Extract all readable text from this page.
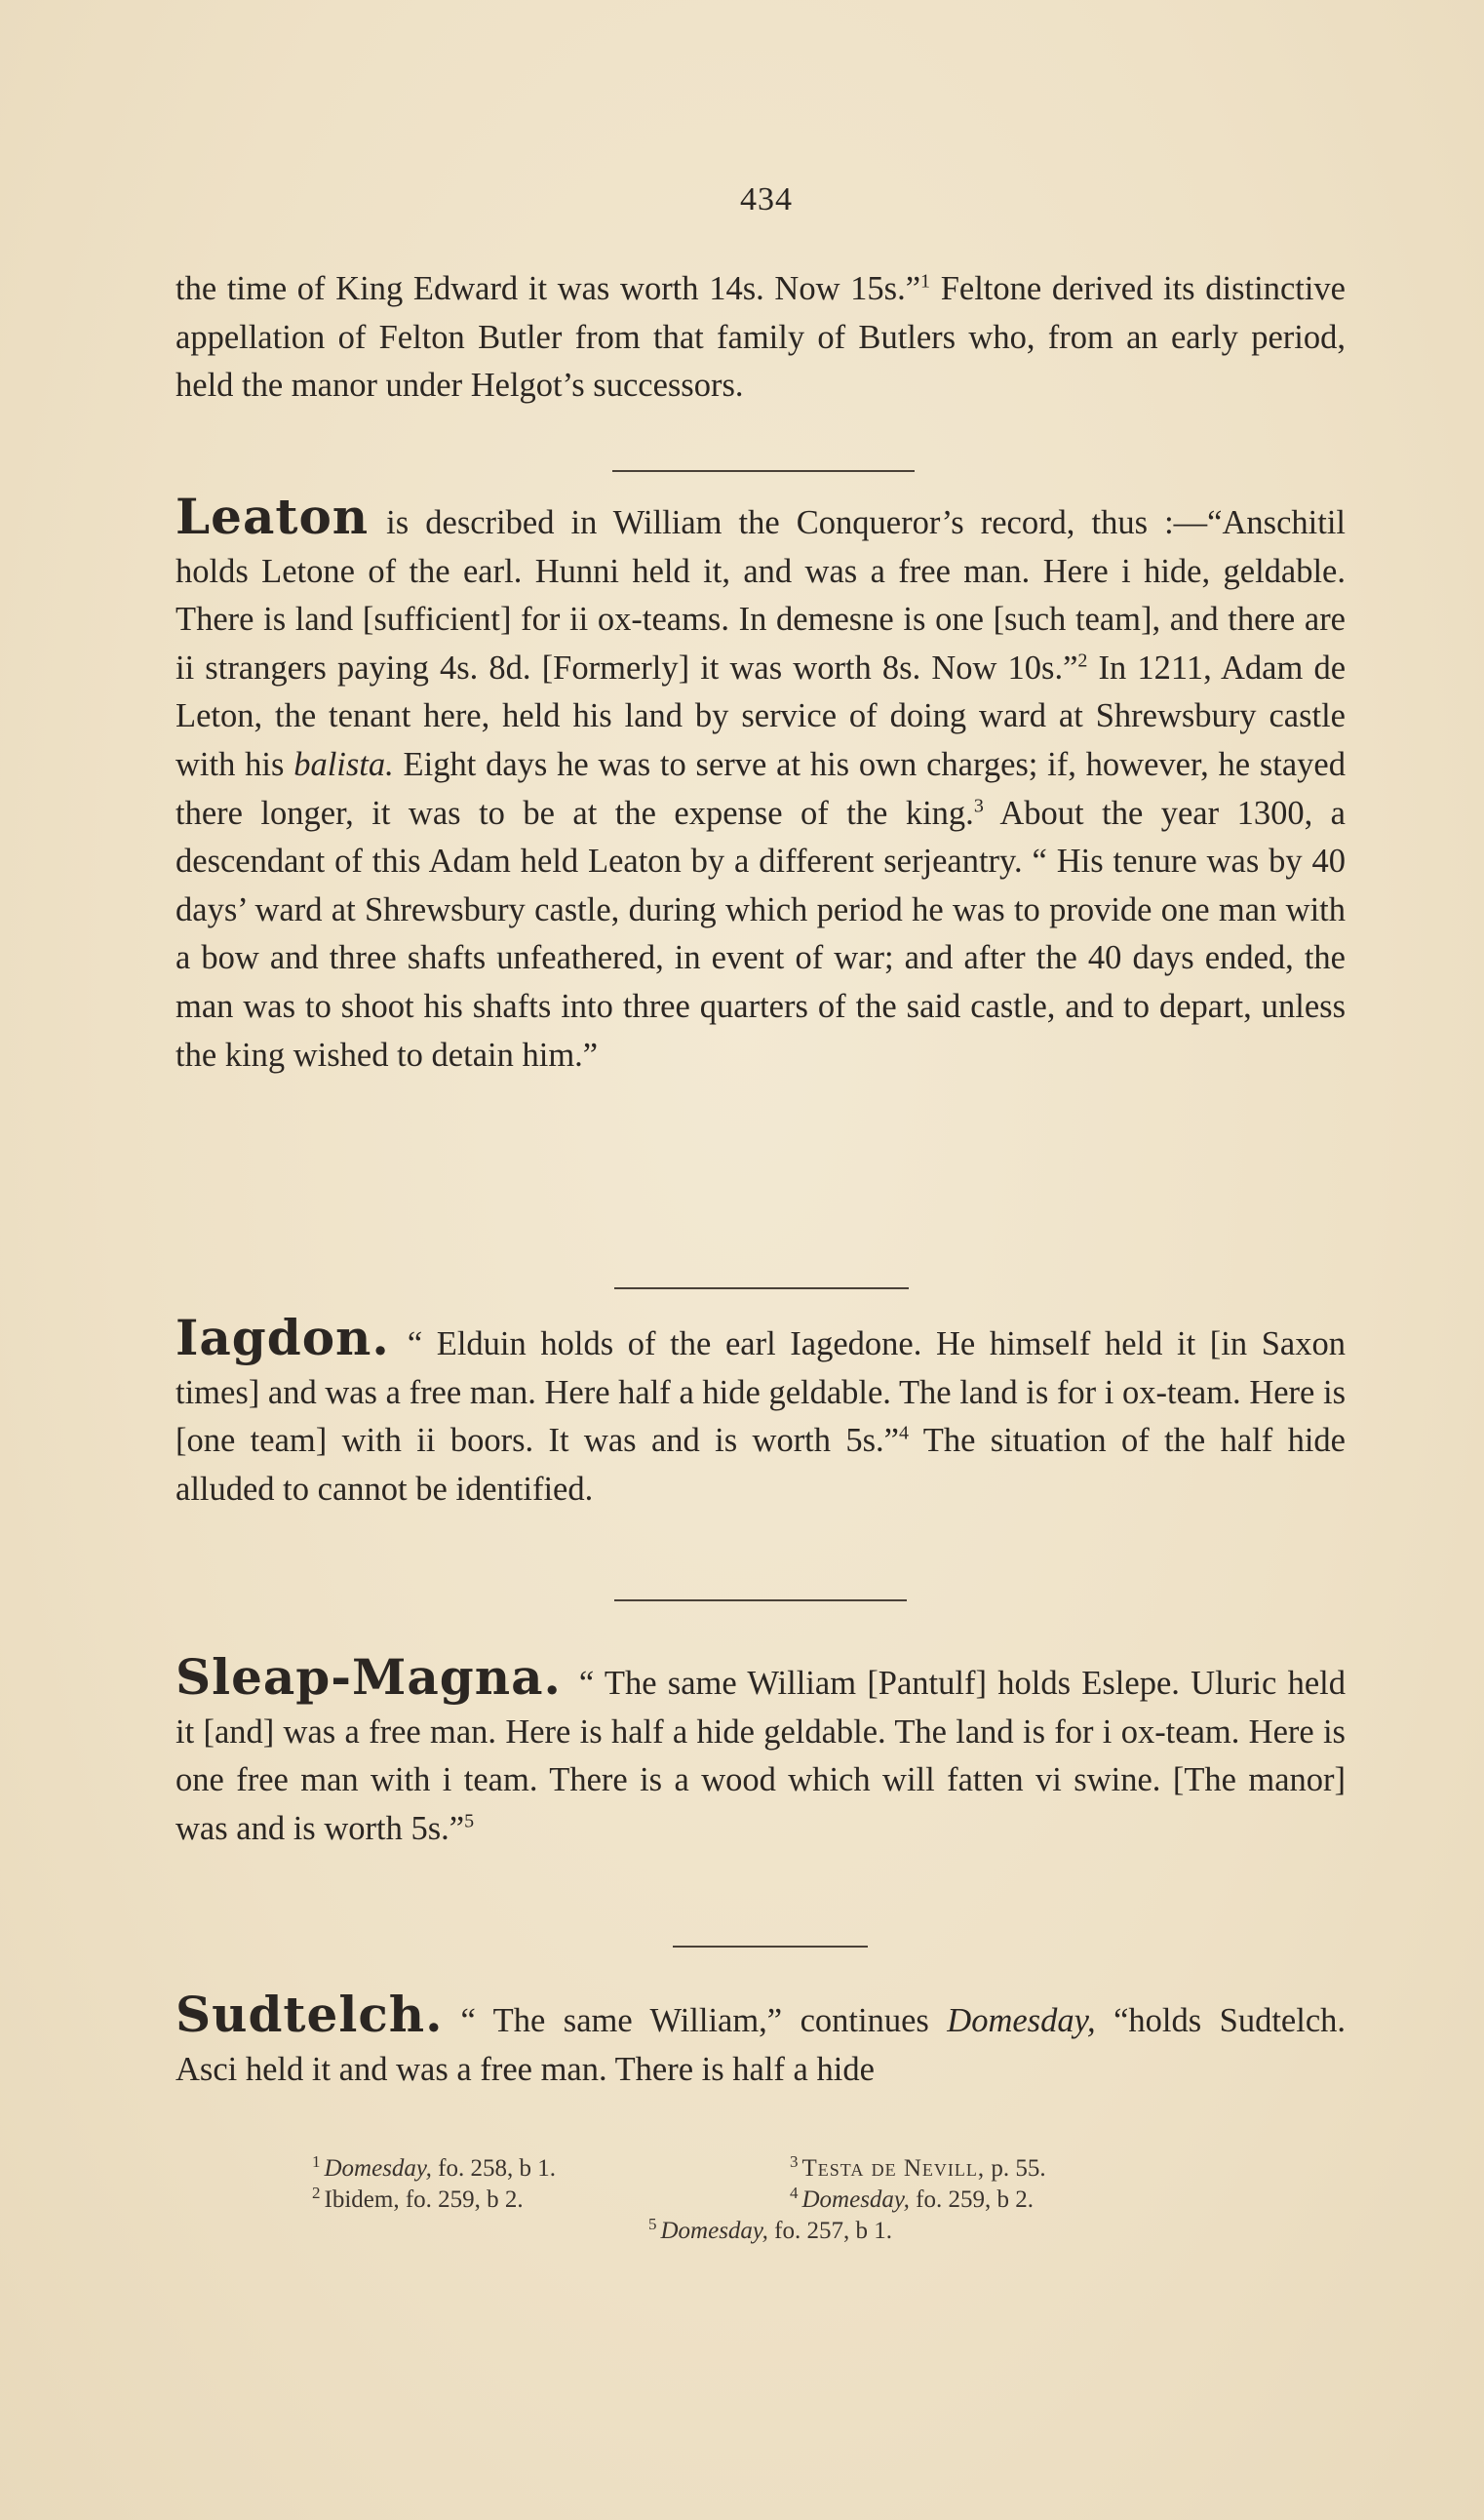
434

the time of King Edward it was worth 14s. Now 15s.”$^1$ Feltone derived its distinctive appellation of Felton Butler from that family of Butlers who, from an early period, held the manor under Helgot’s successors.

Leaton is described in William the Conqueror’s record, thus :—“Anschitil holds Letone of the earl. Hunni held it, and was a free man. Here i hide, geldable. There is land [sufficient] for ii ox-teams. In demesne is one [such team], and there are ii strangers paying 4s. 8d. [Formerly] it was worth 8s. Now 10s.”$^2$ In 1211, Adam de Leton, the tenant here, held his land by service of doing ward at Shrewsbury castle with his balista. Eight days he was to serve at his own charges; if, however, he stayed there longer, it was to be at the expense of the king.$^3$ About the year 1300, a descendant of this Adam held Leaton by a different serjeantry. “ His tenure was by 40 days’ ward at Shrewsbury castle, during which period he was to provide one man with a bow and three shafts unfeathered, in event of war; and after the 40 days ended, the man was to shoot his shafts into three quarters of the said castle, and to depart, unless the king wished to detain him.”

Iagdon. “ Elduin holds of the earl Iagedone. He himself held it [in Saxon times] and was a free man. Here half a hide geldable. The land is for i ox-team. Here is [one team] with ii boors. It was and is worth 5s.”$^4$ The situation of the half hide alluded to cannot be identified.

Sleap-Magna. “ The same William [Pantulf] holds Eslepe. Uluric held it [and] was a free man. Here is half a hide geldable. The land is for i ox-team. Here is one free man with i team. There is a wood which will fatten vi swine. [The manor] was and is worth 5s.”$^5$

Sudtelch. “ The same William,” continues Domesday, “holds Sudtelch. Asci held it and was a free man. There is half a hide

$^1$ Domesday, fo. 258, b 1.	$^3$ Testa de Nevill, p. 55.
$^2$ Ibidem, fo. 259, b 2.	$^4$ Domesday, fo. 259, b 2.
$^5$ Domesday, fo. 257, b 1.
